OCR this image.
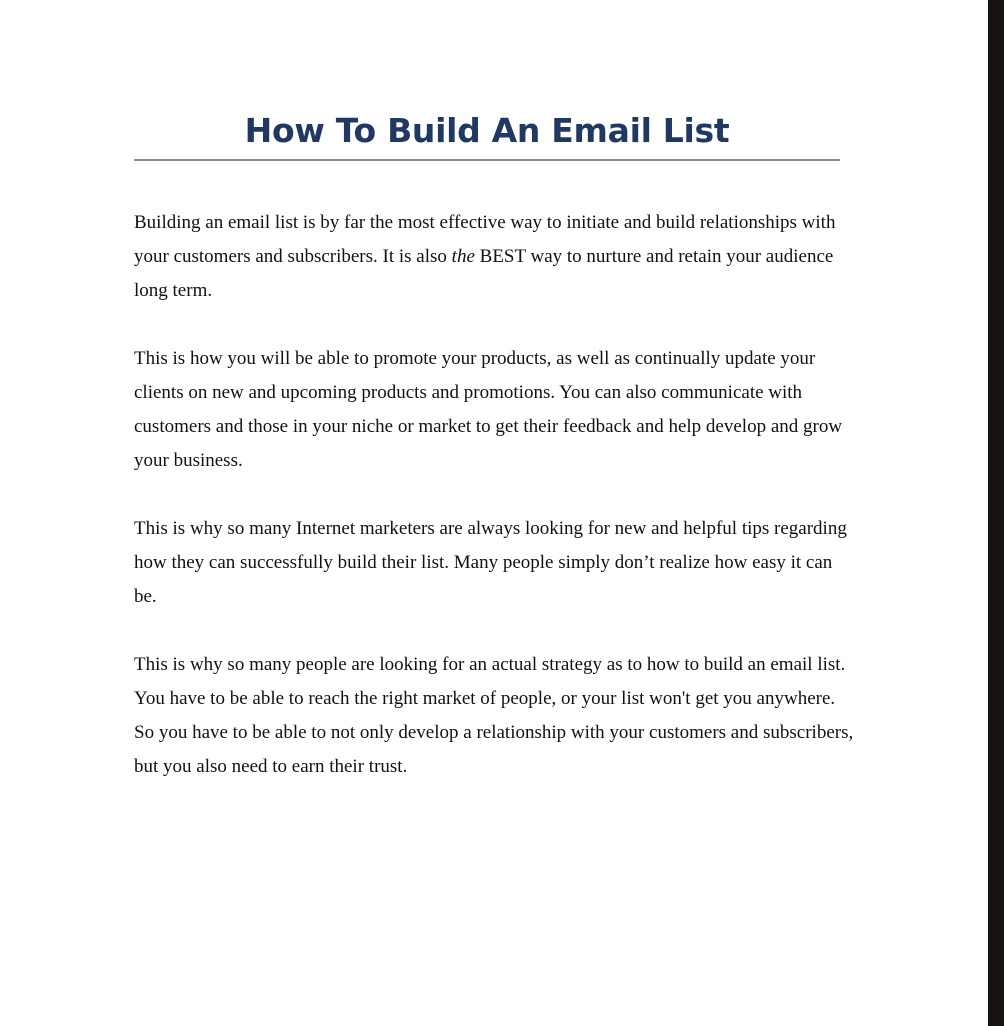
How To Build An Email List

Building an email list is by far the most effective way to initiate and build relationships with your customers and subscribers. It is also the BEST way to nurture and retain your audience long term.

This is how you will be able to promote your products, as well as continually update your clients on new and upcoming products and promotions. You can also communicate with customers and those in your niche or market to get their feedback and help develop and grow your business.

This is why so many Internet marketers are always looking for new and helpful tips regarding how they can successfully build their list. Many people simply don’t realize how easy it can be.

This is why so many people are looking for an actual strategy as to how to build an email list. You have to be able to reach the right market of people, or your list won't get you anywhere. So you have to be able to not only develop a relationship with your customers and subscribers, but you also need to earn their trust.
